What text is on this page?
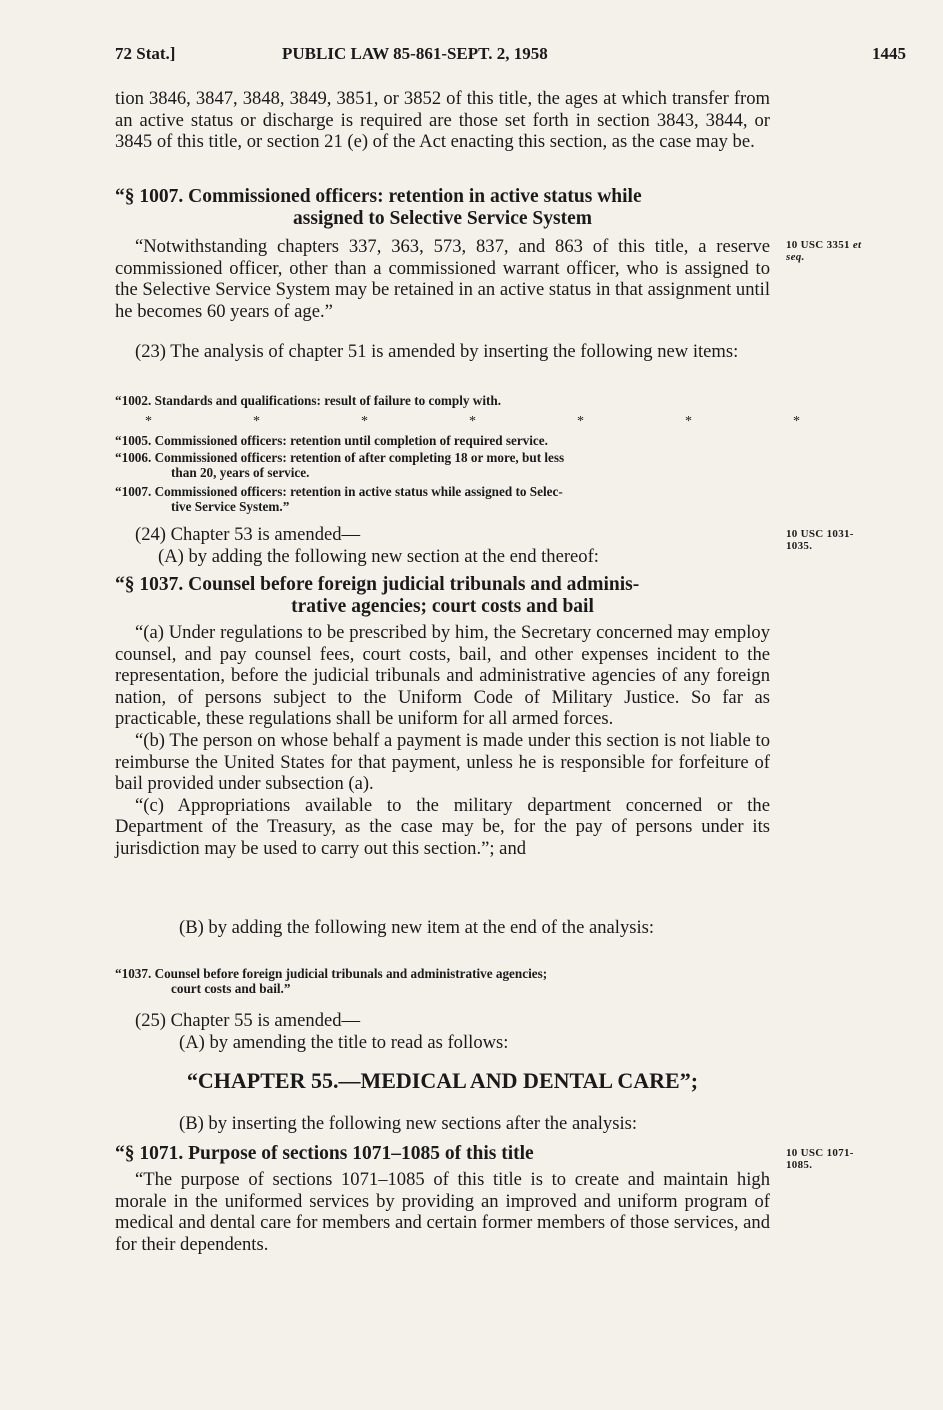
72 Stat.]	PUBLIC LAW 85-861-SEPT. 2, 1958	1445

tion 3846, 3847, 3848, 3849, 3851, or 3852 of this title, the ages at which transfer from an active status or discharge is required are those set forth in section 3843, 3844, or 3845 of this title, or section 21 (e) of the Act enacting this section, as the case may be.

“§ 1007. Commissioned officers: retention in active status while
assigned to Selective Service System

“Notwithstanding chapters 337, 363, 573, 837, and 863 of this title, a reserve commissioned officer, other than a commissioned warrant officer, who is assigned to the Selective Service System may be retained in an active status in that assignment until he becomes 60 years of age.”

(23) The analysis of chapter 51 is amended by inserting the following new items:

“1002. Standards and qualifications: result of failure to comply with.
*	*	*	*	*	*	*
“1005. Commissioned officers: retention until completion of required service.
“1006. Commissioned officers: retention of after completing 18 or more, but less
than 20, years of service.
“1007. Commissioned officers: retention in active status while assigned to Selec-
tive Service System.”

(24) Chapter 53 is amended—

(A) by adding the following new section at the end thereof:

“§ 1037. Counsel before foreign judicial tribunals and adminis-
trative agencies; court costs and bail

“(a) Under regulations to be prescribed by him, the Secretary concerned may employ counsel, and pay counsel fees, court costs, bail, and other expenses incident to the representation, before the judicial tribunals and administrative agencies of any foreign nation, of persons subject to the Uniform Code of Military Justice. So far as practicable, these regulations shall be uniform for all armed forces.

“(b) The person on whose behalf a payment is made under this section is not liable to reimburse the United States for that payment, unless he is responsible for forfeiture of bail provided under subsection (a).

“(c) Appropriations available to the military department concerned or the Department of the Treasury, as the case may be, for the pay of persons under its jurisdiction may be used to carry out this section.”; and

(B) by adding the following new item at the end of the analysis:

“1037. Counsel before foreign judicial tribunals and administrative agencies;
court costs and bail.”

(25) Chapter 55 is amended—

(A) by amending the title to read as follows:

“CHAPTER 55.—MEDICAL AND DENTAL CARE”;

(B) by inserting the following new sections after the analysis:

“§ 1071. Purpose of sections 1071–1085 of this title

“The purpose of sections 1071–1085 of this title is to create and maintain high morale in the uniformed services by providing an improved and uniform program of medical and dental care for members and certain former members of those services, and for their dependents.

10 USC 3351 et
seq.
10 USC 1031-
1035.
10 USC 1071-
1085.
